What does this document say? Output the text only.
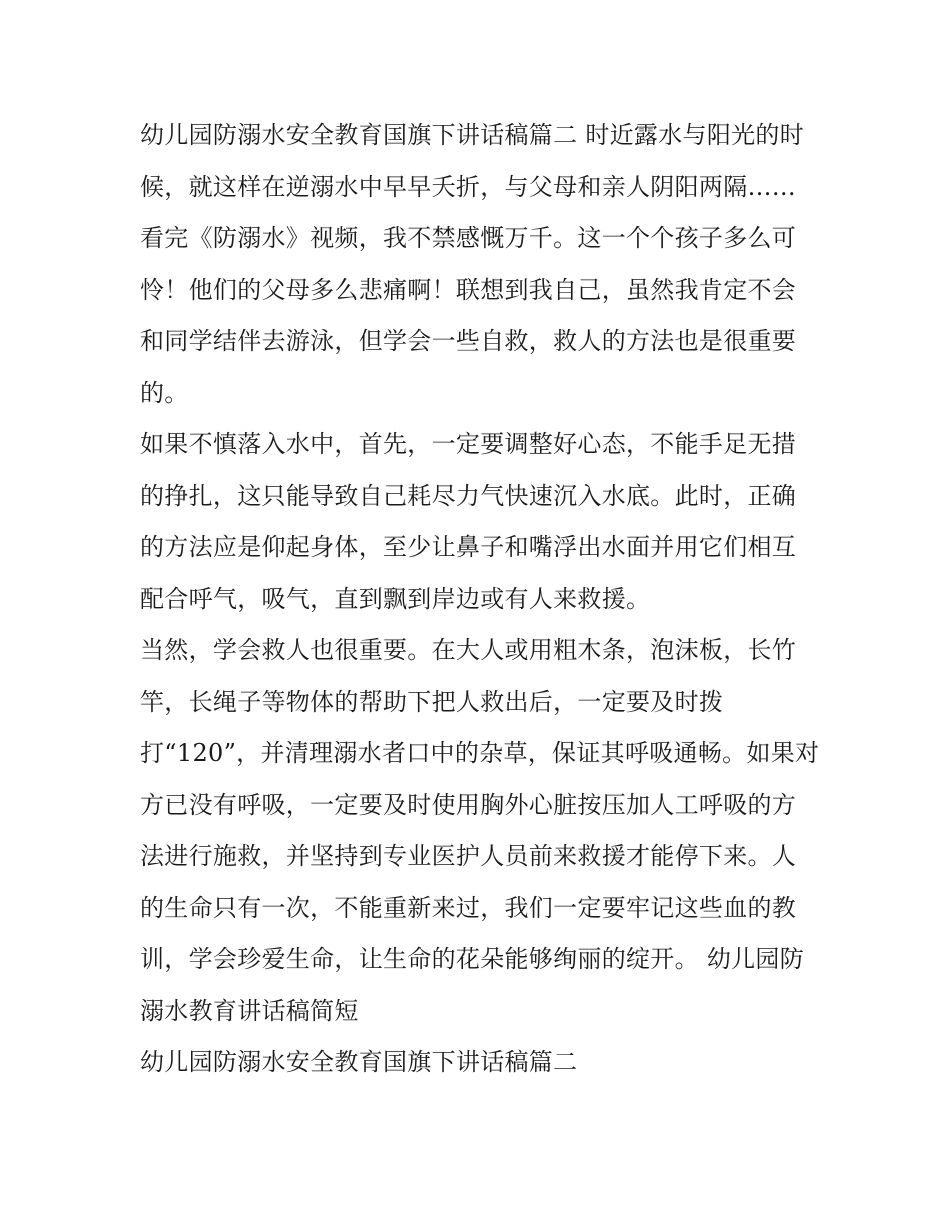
幼儿园防溺水安全教育国旗下讲话稿篇二 时近露水与阳光的时候，就这样在逆溺水中早早夭折，与父母和亲人阴阳两隔……

看完《防溺水》视频，我不禁感慨万千。这一个个孩子多么可怜！他们的父母多么悲痛啊！联想到我自己，虽然我肯定不会和同学结伴去游泳，但学会一些自救，救人的方法也是很重要的。

如果不慎落入水中，首先，一定要调整好心态，不能手足无措的挣扎，这只能导致自己耗尽力气快速沉入水底。此时，正确的方法应是仰起身体，至少让鼻子和嘴浮出水面并用它们相互配合呼气，吸气，直到飘到岸边或有人来救援。

当然，学会救人也很重要。在大人或用粗木条，泡沫板，长竹竿，长绳子等物体的帮助下把人救出后，一定要及时拨打“120”，并清理溺水者口中的杂草，保证其呼吸通畅。如果对方已没有呼吸，一定要及时使用胸外心脏按压加人工呼吸的方法进行施救，并坚持到专业医护人员前来救援才能停下来。人的生命只有一次，不能重新来过，我们一定要牢记这些血的教训，学会珍爱生命，让生命的花朵能够绚丽的绽开。 幼儿园防溺水教育讲话稿简短

幼儿园防溺水安全教育国旗下讲话稿篇二
